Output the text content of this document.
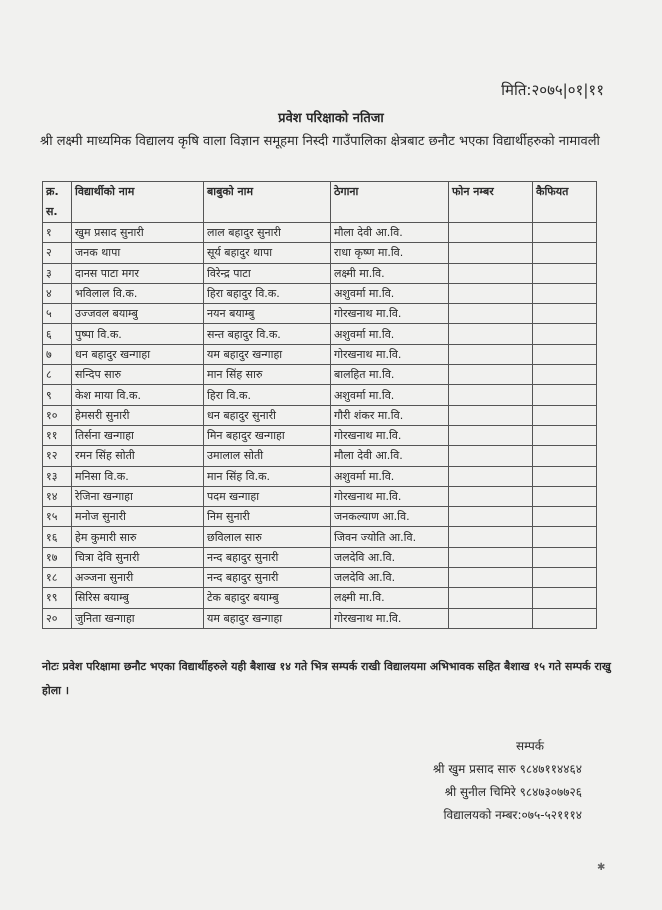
मिति:२०७५|०१|११
प्रवेश परिक्षाको नतिजा
श्री लक्ष्मी माध्यमिक विद्यालय कृषि वाला विज्ञान समूहमा निस्दी गाउँपालिका क्षेत्रबाट छनौट भएका विद्यार्थीहरुको नामावली
क्र. स.	विद्यार्थीको नाम	बाबुको नाम	ठेगाना	फोन नम्बर	कैफियत
१	खुम प्रसाद सुनारी	लाल बहादुर सुनारी	मौला देवी आ.वि.		
२	जनक थापा	सूर्य बहादुर थापा	राधा कृष्ण मा.वि.		
३	दानस पाटा मगर	विरेन्द्र पाटा	लक्ष्मी मा.वि.		
४	भविलाल वि.क.	हिरा बहादुर वि.क.	अशुवर्मा मा.वि.		
५	उज्जवल बयाम्बु	नयन बयाम्बु	गोरखनाथ मा.वि.		
६	पुष्पा वि.क.	सन्त बहादुर वि.क.	अशुवर्मा मा.वि.		
७	धन बहादुर खन्गाहा	यम बहादुर खन्गाहा	गोरखनाथ मा.वि.		
८	सन्दिप सारु	मान सिंह सारु	बालहित मा.वि.		
९	केश माया वि.क.	हिरा वि.क.	अशुवर्मा मा.वि.		
१०	हेमसरी सुनारी	धन बहादुर सुनारी	गौरी शंकर मा.वि.		
११	तिर्सना खन्गाहा	मिन बहादुर खन्गाहा	गोरखनाथ मा.वि.		
१२	रमन सिंह सोती	उमालाल सोती	मौला देवी आ.वि.		
१३	मनिसा वि.क.	मान सिंह वि.क.	अशुवर्मा मा.वि.		
१४	रेजिना खन्गाहा	पदम खन्गाहा	गोरखनाथ मा.वि.		
१५	मनोज सुनारी	निम सुनारी	जनकल्याण आ.वि.		
१६	हेम कुमारी सारु	छविलाल सारु	जिवन ज्योति आ.वि.		
१७	चित्रा देवि सुनारी	नन्द बहादुर सुनारी	जलदेवि आ.वि.		
१८	अञ्जना सुनारी	नन्द बहादुर सुनारी	जलदेवि आ.वि.		
१९	सिरिस बयाम्बु	टेक बहादुर बयाम्बु	लक्ष्मी मा.वि.		
२०	जुनिता खन्गाहा	यम बहादुर खन्गाहा	गोरखनाथ मा.वि.		
नोटः प्रवेश परिक्षामा छनौट भएका विद्यार्थीहरुले यही बैशाख १४ गते भित्र सम्पर्क राखी विद्यालयमा अभिभावक सहित बैशाख १५ गते सम्पर्क राखु होला ।
सम्पर्क
श्री खुम प्रसाद सारु ९८४७११४४६४
श्री सुनील चिमिरे ९८४७३०७७२६
विद्यालयको नम्बर:०७५-५२१११४
✱
